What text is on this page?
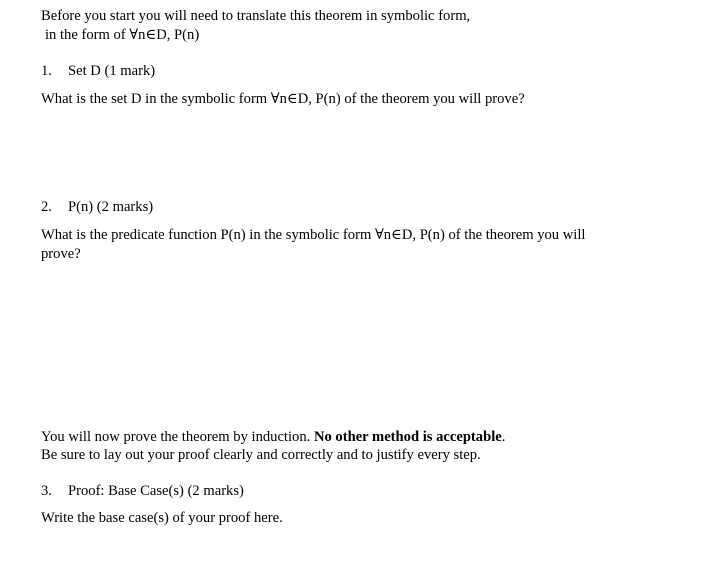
Before you start you will need to translate this theorem in symbolic form,
in the form of ∀n∈D, P(n)
1. Set D (1 mark)
What is the set D in the symbolic form ∀n∈D, P(n) of the theorem you will prove?
2. P(n) (2 marks)
What is the predicate function P(n) in the symbolic form ∀n∈D, P(n) of the theorem you will
prove?
You will now prove the theorem by induction. No other method is acceptable.
Be sure to lay out your proof clearly and correctly and to justify every step.
3. Proof: Base Case(s) (2 marks)
Write the base case(s) of your proof here.
